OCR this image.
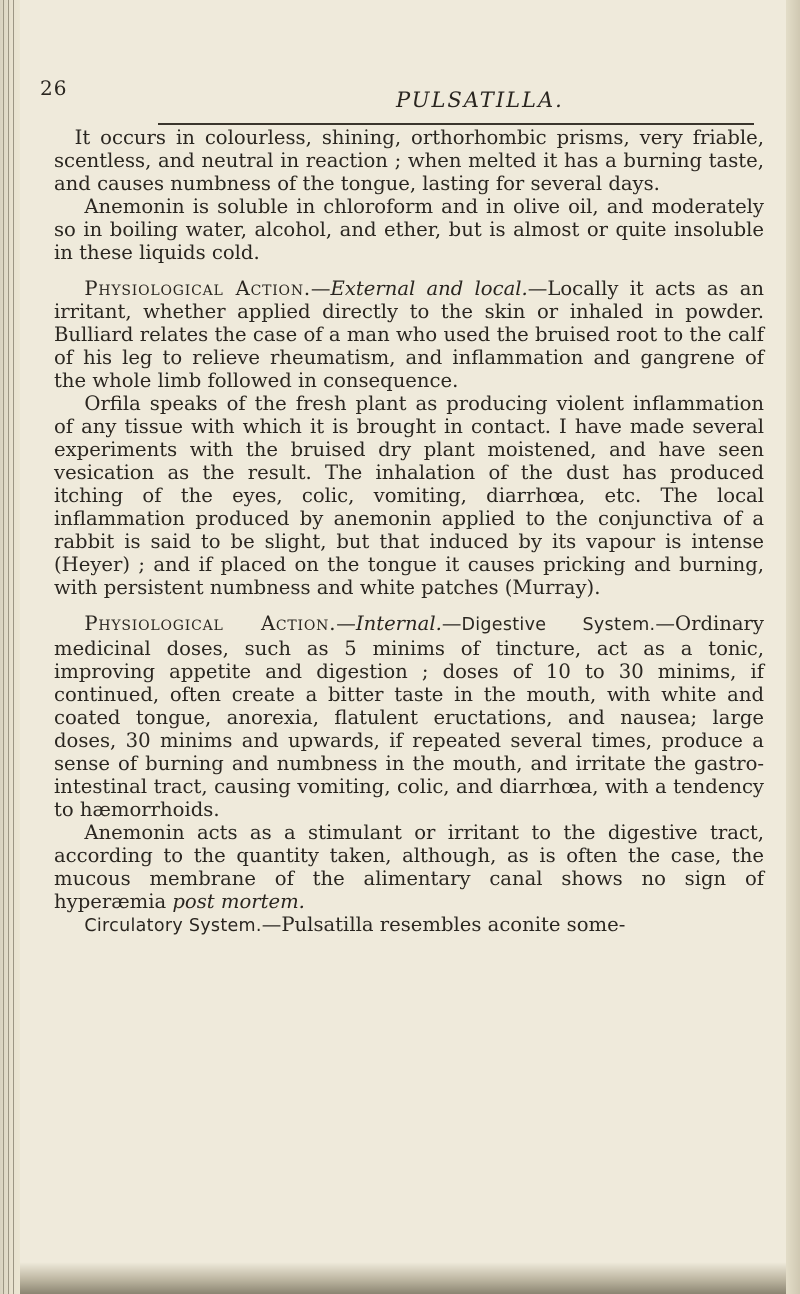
26	PULSATILLA.

It occurs in colourless, shining, orthorhombic prisms, very friable, scentless, and neutral in reaction ; when melted it has a burning taste, and causes numbness of the tongue, lasting for several days.

Anemonin is soluble in chloroform and in olive oil, and moderately so in boiling water, alcohol, and ether, but is almost or quite insoluble in these liquids cold.

Physiological Action.—External and local.—Locally it acts as an irritant, whether applied directly to the skin or inhaled in powder. Bulliard relates the case of a man who used the bruised root to the calf of his leg to relieve rheumatism, and inflammation and gangrene of the whole limb followed in consequence.

Orfila speaks of the fresh plant as producing violent inflammation of any tissue with which it is brought in contact. I have made several experiments with the bruised dry plant moistened, and have seen vesication as the result. The inhalation of the dust has produced itching of the eyes, colic, vomiting, diarrhœa, etc. The local inflammation produced by anemonin applied to the conjunctiva of a rabbit is said to be slight, but that induced by its vapour is intense (Heyer) ; and if placed on the tongue it causes pricking and burning, with persistent numbness and white patches (Murray).

Physiological Action.—Internal.—Digestive System.—Ordinary medicinal doses, such as 5 minims of tincture, act as a tonic, improving appetite and digestion ; doses of 10 to 30 minims, if continued, often create a bitter taste in the mouth, with white and coated tongue, anorexia, flatulent eructations, and nausea; large doses, 30 minims and upwards, if repeated several times, produce a sense of burning and numbness in the mouth, and irritate the gastro-intestinal tract, causing vomiting, colic, and diarrhœa, with a tendency to hæmorrhoids.

Anemonin acts as a stimulant or irritant to the digestive tract, according to the quantity taken, although, as is often the case, the mucous membrane of the alimentary canal shows no sign of hyperæmia post mortem.

Circulatory System.—Pulsatilla resembles aconite some-
